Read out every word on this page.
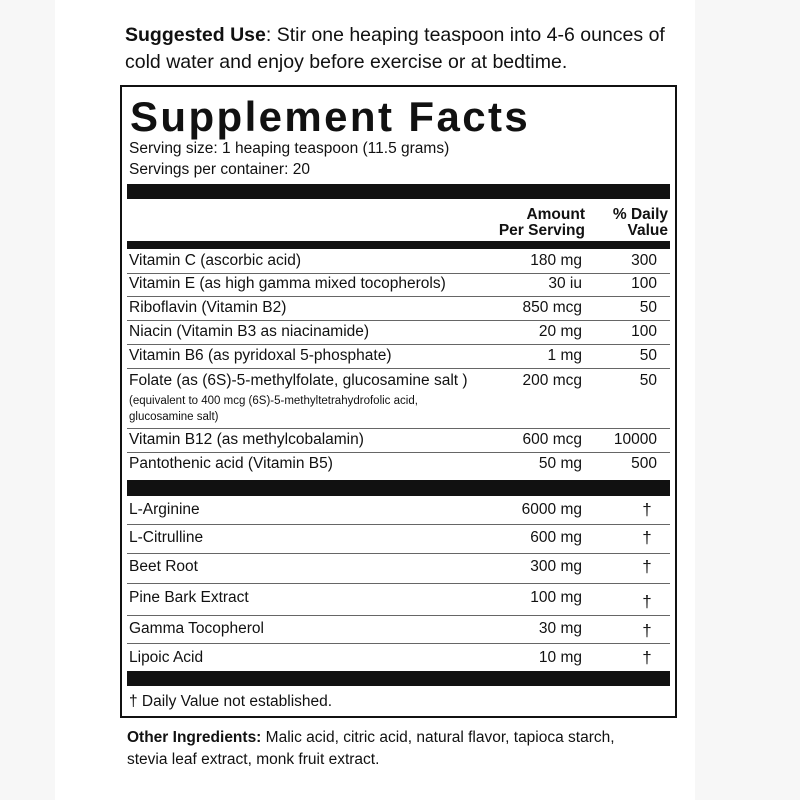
Suggested Use: Stir one heaping teaspoon into 4-6 ounces of cold water and enjoy before exercise or at bedtime.
Supplement Facts
Serving size: 1 heaping teaspoon (11.5 grams)
Servings per container: 20
Amount
Per Serving
% Daily
Value
Vitamin C (ascorbic acid)	180 mg	300
Vitamin E (as high gamma mixed tocopherols)	30 iu	100
Riboflavin (Vitamin B2)	850 mcg	50
Niacin (Vitamin B3 as niacinamide)	20 mg	100
Vitamin B6 (as pyridoxal 5-phosphate)	1 mg	50
Folate (as (6S)-5-methylfolate, glucosamine salt )	200 mcg	50
(equivalent to 400 mcg (6S)-5-methyltetrahydrofolic acid,
glucosamine salt)
Vitamin B12 (as methylcobalamin)	600 mcg 10000
Pantothenic acid (Vitamin B5)	50 mg	500
L-Arginine	6000 mg	†
L-Citrulline	600 mg	†
Beet Root	300 mg	†
Pine Bark Extract	100 mg	†
Gamma Tocopherol	30 mg	†
Lipoic Acid	10 mg	†
† Daily Value not established.
Other Ingredients: Malic acid, citric acid, natural flavor, tapioca starch, stevia leaf extract, monk fruit extract.
